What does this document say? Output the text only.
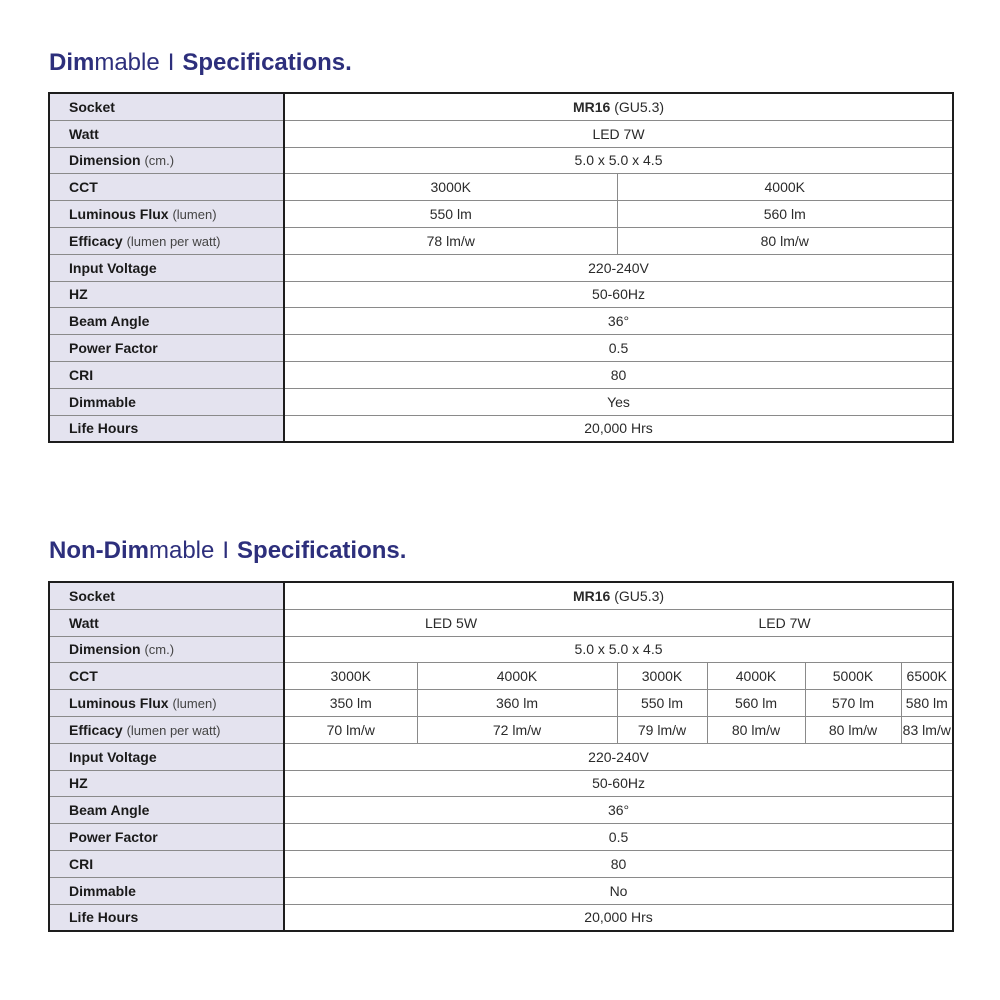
Dimmable I Specifications.
Socket	MR16 (GU5.3)	
Watt	LED 7W	
Dimension (cm.)	5.0 x 5.0 x 4.5	
CCT	3000K	4000K
Luminous Flux (lumen)	550 lm	560 lm
Efficacy (lumen per watt)	78 lm/w	80 lm/w
Input Voltage	220-240V	
HZ	50-60Hz	
Beam Angle	36°	
Power Factor	0.5	
CRI	80	
Dimmable	Yes	
Life Hours	20,000 Hrs	
Non-Dimmable I Specifications.
Socket	MR16 (GU5.3)					
Watt	LED 5W		LED 7W			
Dimension (cm.)	5.0 x 5.0 x 4.5					
CCT	3000K	4000K	3000K	4000K	5000K	6500K
Luminous Flux (lumen)	350 lm	360 lm	550 lm	560 lm	570 lm	580 lm
Efficacy (lumen per watt)	70 lm/w	72 lm/w	79 lm/w	80 lm/w	80 lm/w	83 lm/w
Input Voltage	220-240V					
HZ	50-60Hz					
Beam Angle	36°					
Power Factor	0.5					
CRI	80					
Dimmable	No					
Life Hours	20,000 Hrs					
